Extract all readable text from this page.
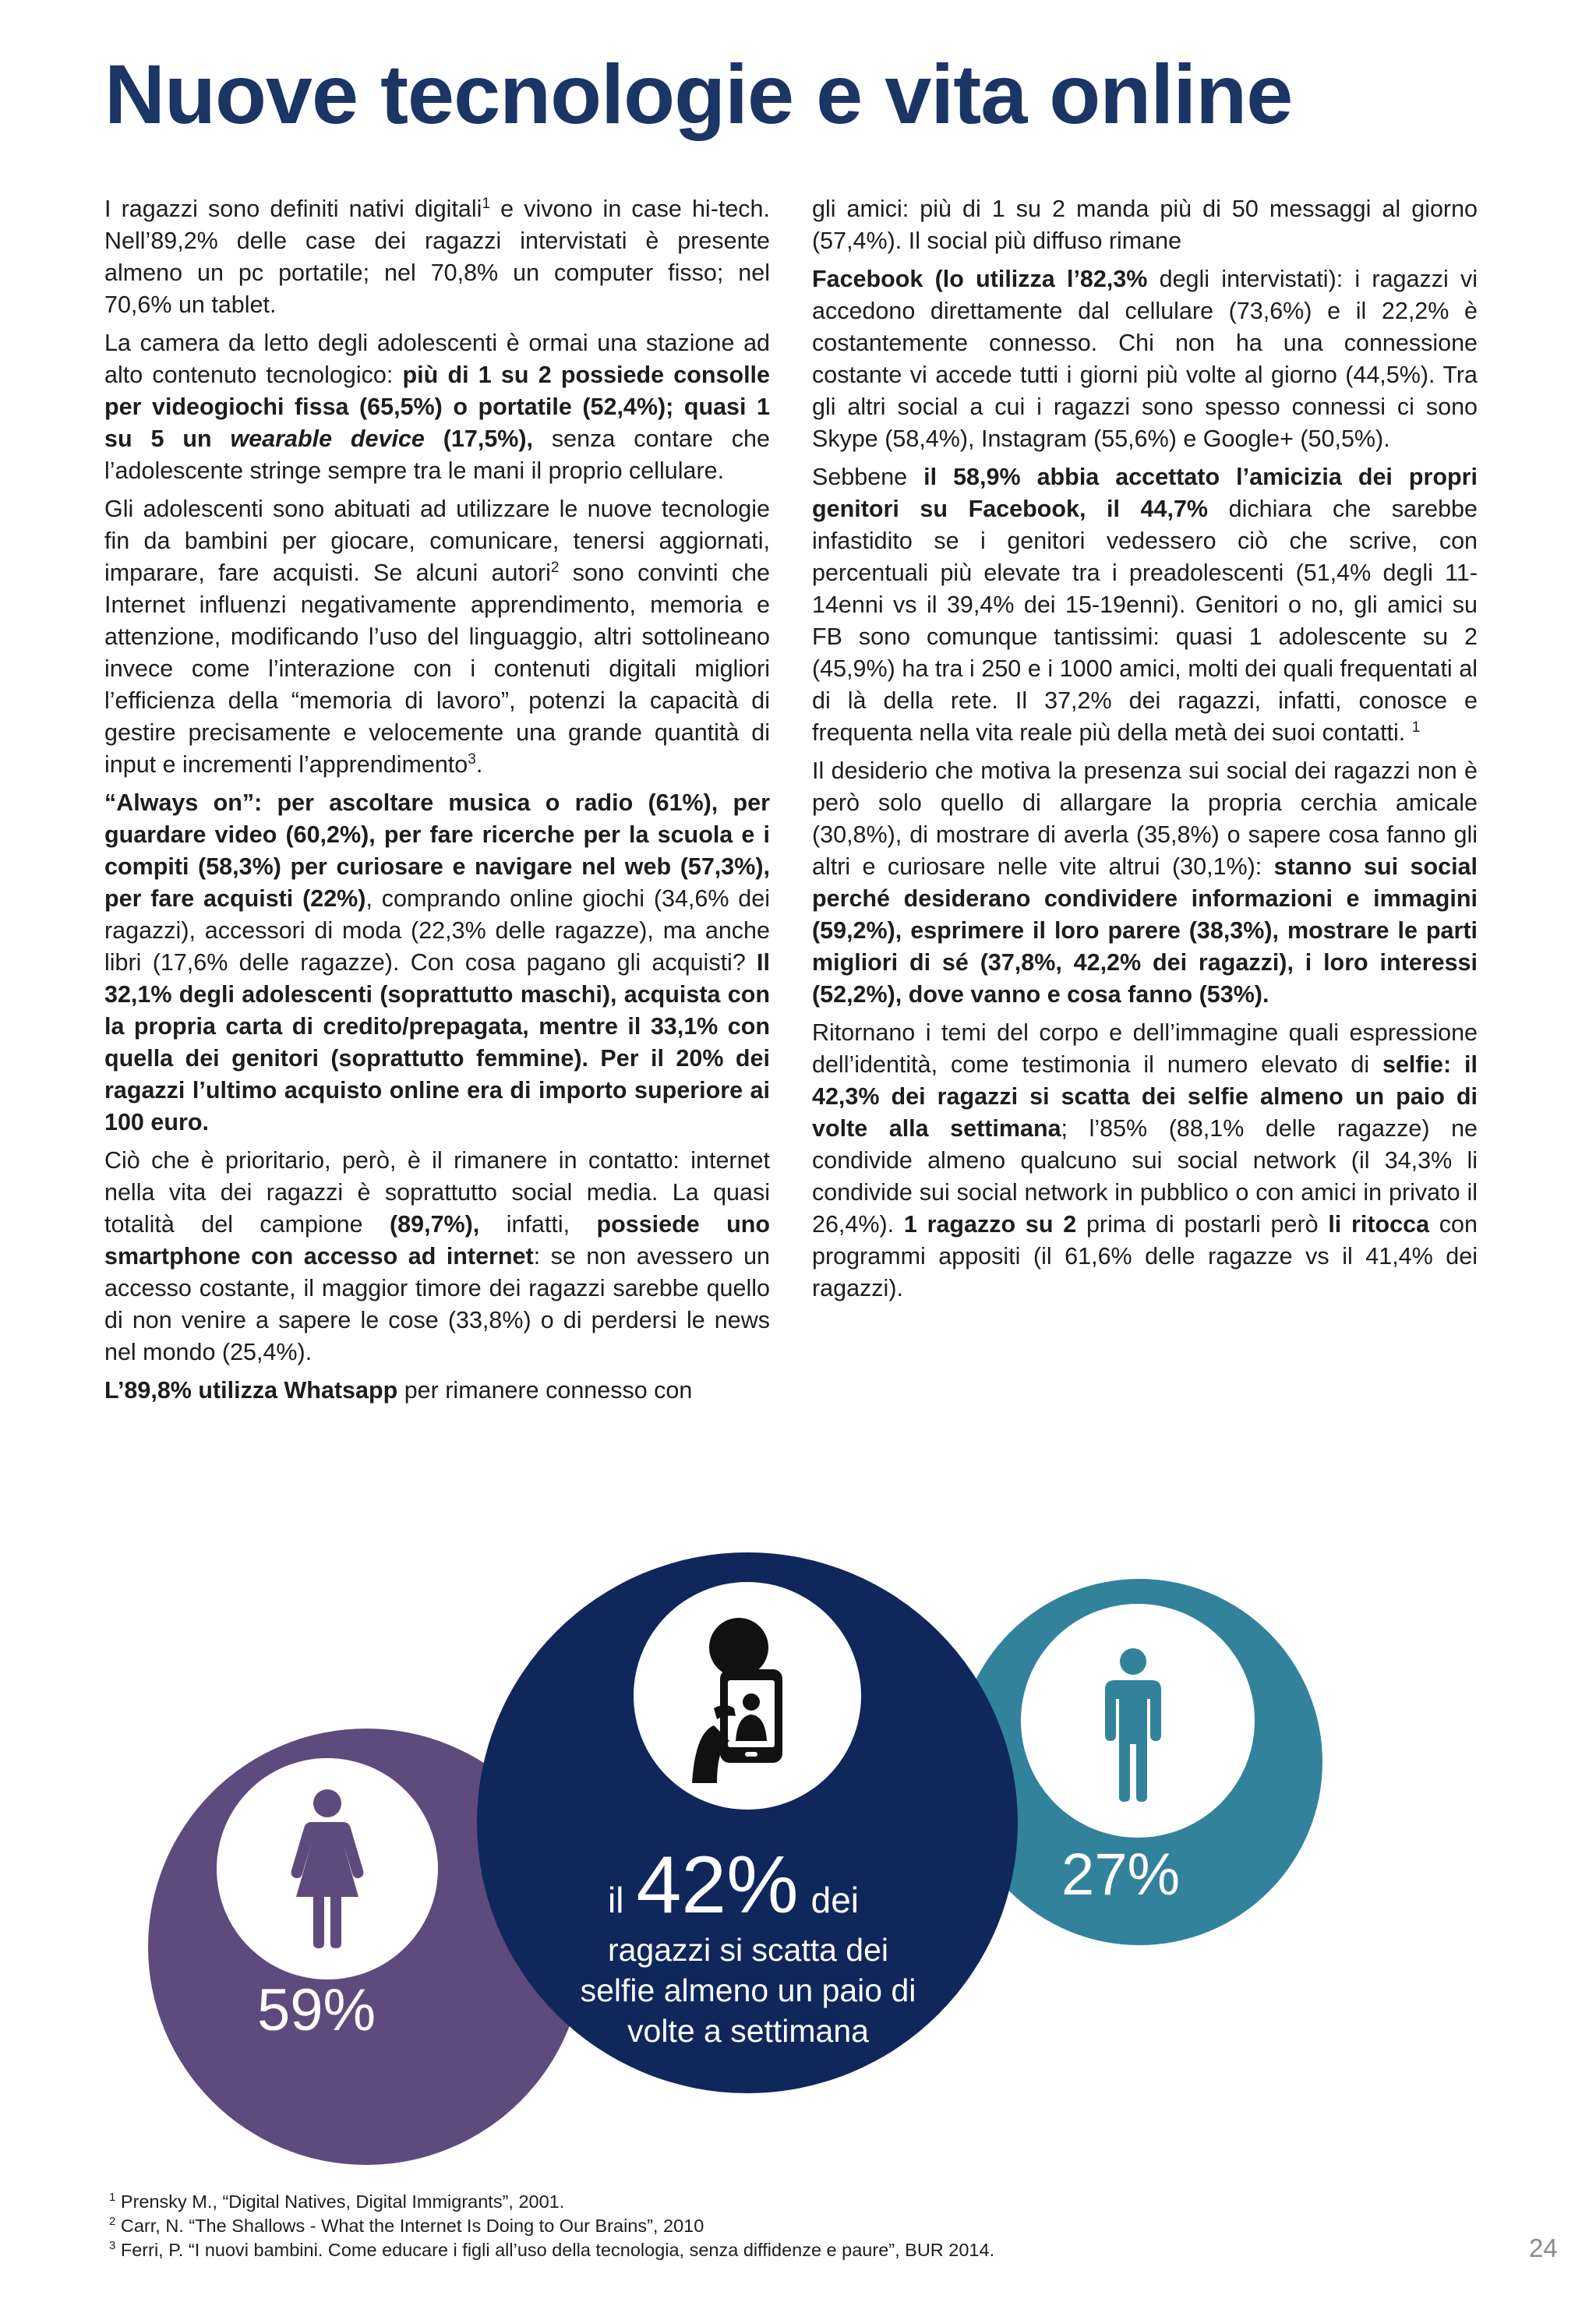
Nuove tecnologie e vita online

I ragazzi sono definiti nativi digitali$^1$ e vivono in case hi-tech. Nell’89,2% delle case dei ragazzi intervistati è presente almeno un pc portatile; nel 70,8% un computer fisso; nel 70,6% un tablet.

La camera da letto degli adolescenti è ormai una stazione ad alto contenuto tecnologico: più di 1 su 2 possiede consolle per videogiochi fissa (65,5%) o portatile (52,4%); quasi 1 su 5 un wearable device (17,5%), senza contare che l’adolescente stringe sempre tra le mani il proprio cellulare.

Gli adolescenti sono abituati ad utilizzare le nuove tecnologie fin da bambini per giocare, comunicare, tenersi aggiornati, imparare, fare acquisti. Se alcuni autori$^2$ sono convinti che Internet influenzi negativamente apprendimento, memoria e attenzione, modificando l’uso del linguaggio, altri sottolineano invece come l’interazione con i contenuti digitali migliori l’efficienza della “memoria di lavoro”, potenzi la capacità di gestire precisamente e velocemente una grande quantità di input e incrementi l’apprendimento$^3$.

“Always on”: per ascoltare musica o radio (61%), per guardare video (60,2%), per fare ricerche per la scuola e i compiti (58,3%) per curiosare e navigare nel web (57,3%), per fare acquisti (22%), comprando online giochi (34,6% dei ragazzi), accessori di moda (22,3% delle ragazze), ma anche libri (17,6% delle ragazze). Con cosa pagano gli acquisti? Il 32,1% degli adolescenti (soprattutto maschi), acquista con la propria carta di credito/prepagata, mentre il 33,1% con quella dei genitori (soprattutto femmine). Per il 20% dei ragazzi l’ultimo acquisto online era di importo superiore ai 100 euro.

Ciò che è prioritario, però, è il rimanere in contatto: internet nella vita dei ragazzi è soprattutto social media. La quasi totalità del campione (89,7%), infatti, possiede uno smartphone con accesso ad internet: se non avessero un accesso costante, il maggior timore dei ragazzi sarebbe quello di non venire a sapere le cose (33,8%) o di perdersi le news nel mondo (25,4%).

L’89,8% utilizza Whatsapp per rimanere connesso con

gli amici: più di 1 su 2 manda più di 50 messaggi al giorno (57,4%). Il social più diffuso rimane

Facebook (lo utilizza l’82,3% degli intervistati): i ragazzi vi accedono direttamente dal cellulare (73,6%) e il 22,2% è costantemente connesso. Chi non ha una connessione costante vi accede tutti i giorni più volte al giorno (44,5%). Tra gli altri social a cui i ragazzi sono spesso connessi ci sono Skype (58,4%), Instagram (55,6%) e Google+ (50,5%).

Sebbene il 58,9% abbia accettato l’amicizia dei propri genitori su Facebook, il 44,7% dichiara che sarebbe infastidito se i genitori vedessero ciò che scrive, con percentuali più elevate tra i preadolescenti (51,4% degli 11-14enni vs il 39,4% dei 15-19enni). Genitori o no, gli amici su FB sono comunque tantissimi: quasi 1 adolescente su 2 (45,9%) ha tra i 250 e i 1000 amici, molti dei quali frequentati al di là della rete. Il 37,2% dei ragazzi, infatti, conosce e frequenta nella vita reale più della metà dei suoi contatti. $^1$

Il desiderio che motiva la presenza sui social dei ragazzi non è però solo quello di allargare la propria cerchia amicale (30,8%), di mostrare di averla (35,8%) o sapere cosa fanno gli altri e curiosare nelle vite altrui (30,1%): stanno sui social perché desiderano condividere informazioni e immagini (59,2%), esprimere il loro parere (38,3%), mostrare le parti migliori di sé (37,8%, 42,2% dei ragazzi), i loro interessi (52,2%), dove vanno e cosa fanno (53%).

Ritornano i temi del corpo e dell’immagine quali espressione dell’identità, come testimonia il numero elevato di selfie: il 42,3% dei ragazzi si scatta dei selfie almeno un paio di volte alla settimana; l’85% (88,1% delle ragazze) ne condivide almeno qualcuno sui social network (il 34,3% li condivide sui social network in pubblico o con amici in privato il 26,4%). 1 ragazzo su 2 prima di postarli però li ritocca con programmi appositi (il 61,6% delle ragazze vs il 41,4% dei ragazzi).

59%
27%
il 42% dei
ragazzi si scatta dei selfie almeno un paio di volte a settimana
$^1$ Prensky M., “Digital Natives, Digital Immigrants”, 2001.
$^2$ Carr, N. “The Shallows - What the Internet Is Doing to Our Brains”, 2010
$^3$ Ferri, P. “I nuovi bambini. Come educare i figli all’uso della tecnologia, senza diffidenze e paure”, BUR 2014.	24
